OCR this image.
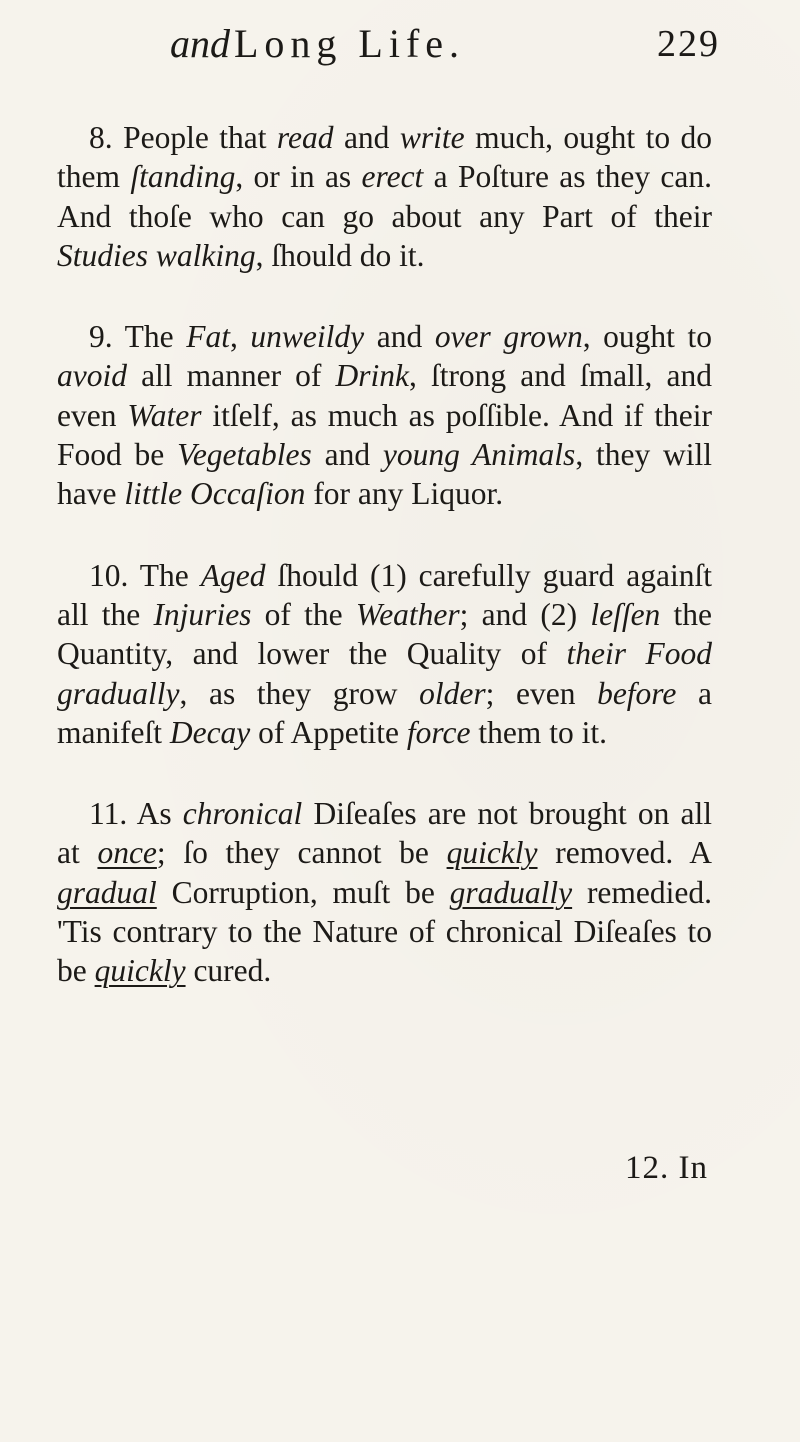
and Long Life.	229

8. People that read and write much, ought to do them ſtanding, or in as erect a Poſture as they can. And thoſe who can go about any Part of their Studies walking, ſhould do it.

9. The Fat, unweildy and over grown, ought to avoid all manner of Drink, ſtrong and ſmall, and even Water itſelf, as much as poſſible. And if their Food be Vegetables and young Animals, they will have little Occaſion for any Liquor.

10. The Aged ſhould (1) carefully guard againſt all the Injuries of the Weather; and (2) leſſen the Quantity, and lower the Quality of their Food gradually, as they grow older; even before a manifeſt Decay of Appetite force them to it.

11. As chronical Diſeaſes are not brought on all at once; ſo they cannot be quickly removed. A gradual Corruption, muſt be gradually remedied. 'Tis contrary to the Nature of chronical Diſeaſes to be quickly cured.

12. In
